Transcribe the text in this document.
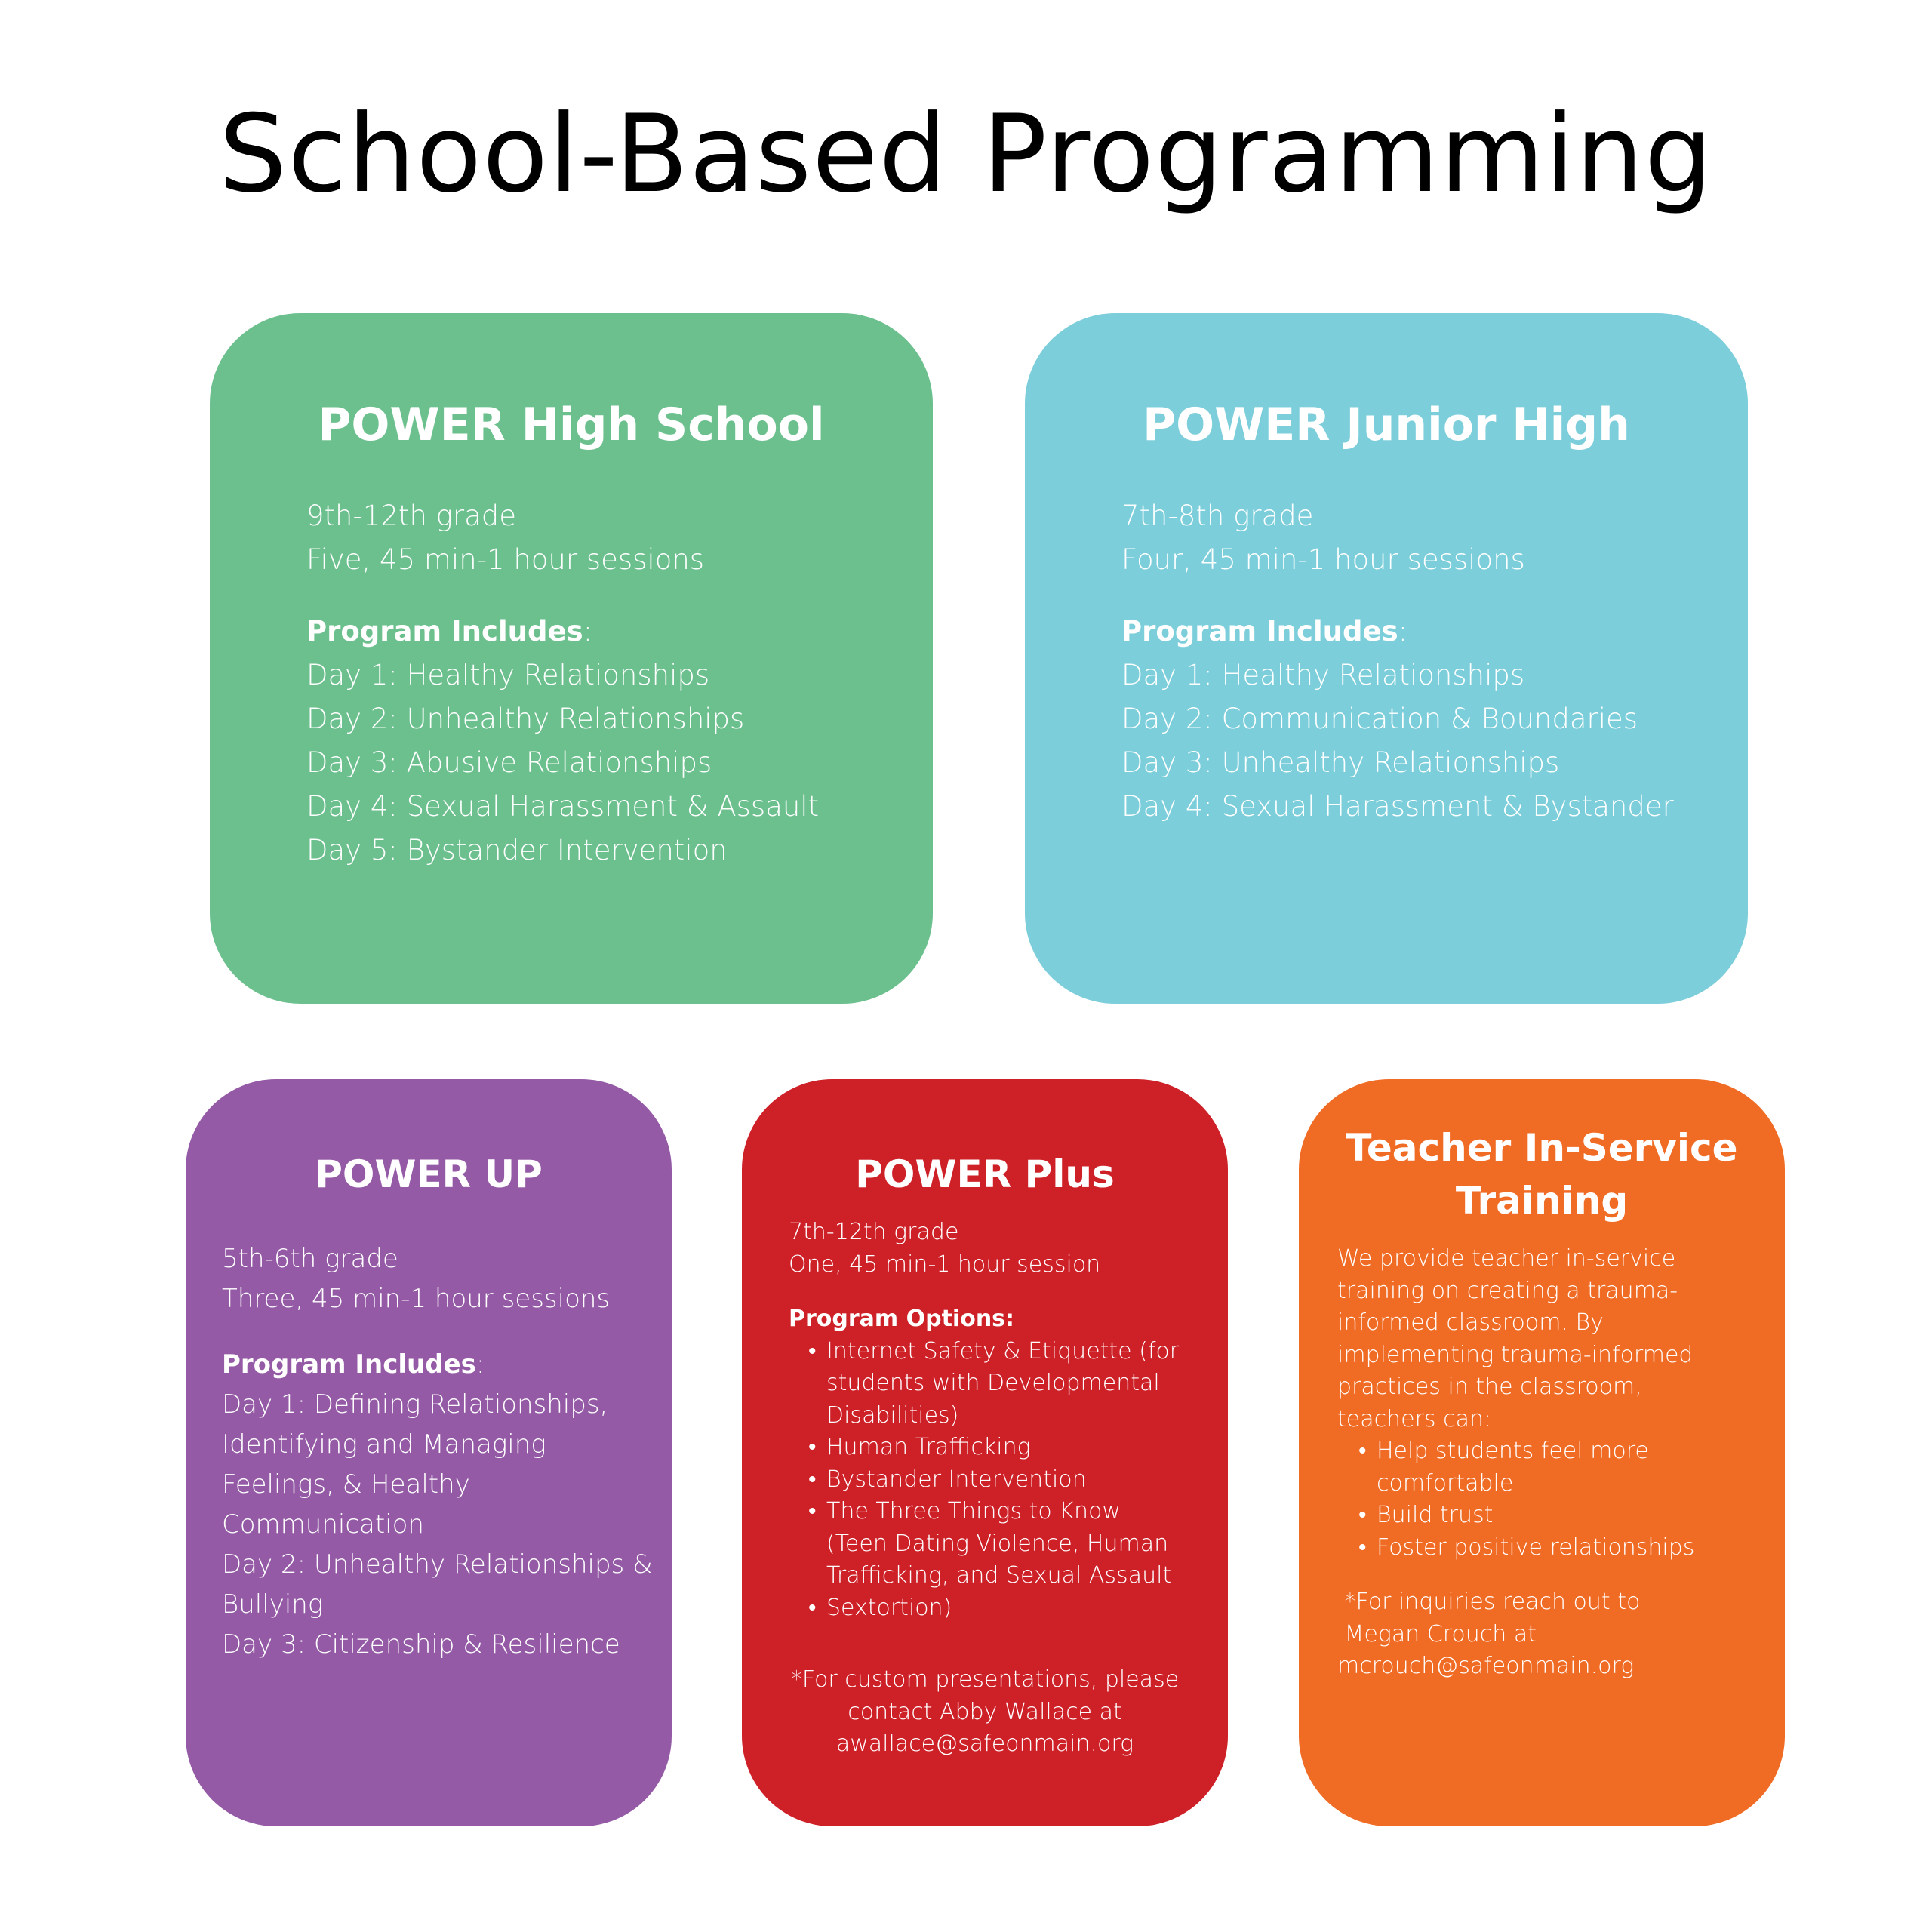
School-Based Programming
POWER High School
9th-12th grade
Five, 45 min-1 hour sessions
Program Includes:
Day 1: Healthy Relationships
Day 2: Unhealthy Relationships
Day 3: Abusive Relationships
Day 4: Sexual Harassment & Assault
Day 5: Bystander Intervention
POWER Junior High
7th-8th grade
Four, 45 min-1 hour sessions
Program Includes:
Day 1: Healthy Relationships
Day 2: Communication & Boundaries
Day 3: Unhealthy Relationships
Day 4: Sexual Harassment & Bystander
POWER UP
5th-6th grade
Three, 45 min-1 hour sessions
Program Includes:
Day 1: Defining Relationships,
Identifying and Managing
Feelings, & Healthy
Communication
Day 2: Unhealthy Relationships &
Bullying
Day 3: Citizenship & Resilience
POWER Plus
7th-12th grade
One, 45 min-1 hour session
Program Options:
• Internet Safety & Etiquette (for
students with Developmental
Disabilities)
• Human Trafficking
• Bystander Intervention
• The Three Things to Know
(Teen Dating Violence, Human
Trafficking, and Sexual Assault
• Sextortion)
*For custom presentations, please
contact Abby Wallace at
awallace@safeonmain.org
Teacher In-Service
Training
We provide teacher in-service
training on creating a trauma-
informed classroom. By
implementing trauma-informed
practices in the classroom,
teachers can:
• Help students feel more
comfortable
• Build trust
• Foster positive relationships
*For inquiries reach out to
Megan Crouch at
mcrouch@safeonmain.org
